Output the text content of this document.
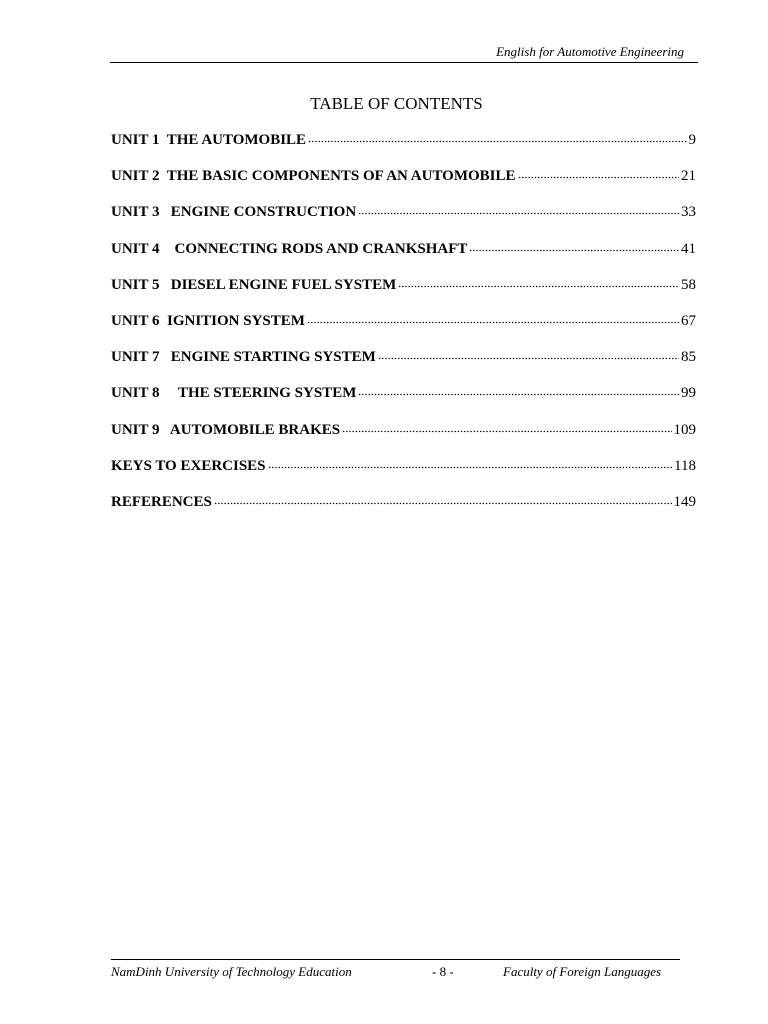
English for Automotive Engineering
TABLE OF CONTENTS
UNIT 1  THE AUTOMOBILE	9
UNIT 2  THE BASIC COMPONENTS OF AN AUTOMOBILE	21
UNIT 3   ENGINE CONSTRUCTION	33
UNIT 4    CONNECTING RODS AND CRANKSHAFT	41
UNIT 5   DIESEL ENGINE FUEL SYSTEM	58
UNIT 6  IGNITION SYSTEM	67
UNIT 7   ENGINE STARTING SYSTEM	85
UNIT 8     THE STEERING SYSTEM	99
UNIT 9   AUTOMOBILE BRAKES	109
KEYS TO EXERCISES	118
REFERENCES	149
NamDinh University of Technology Education	- 8 -	Faculty of Foreign Languages
